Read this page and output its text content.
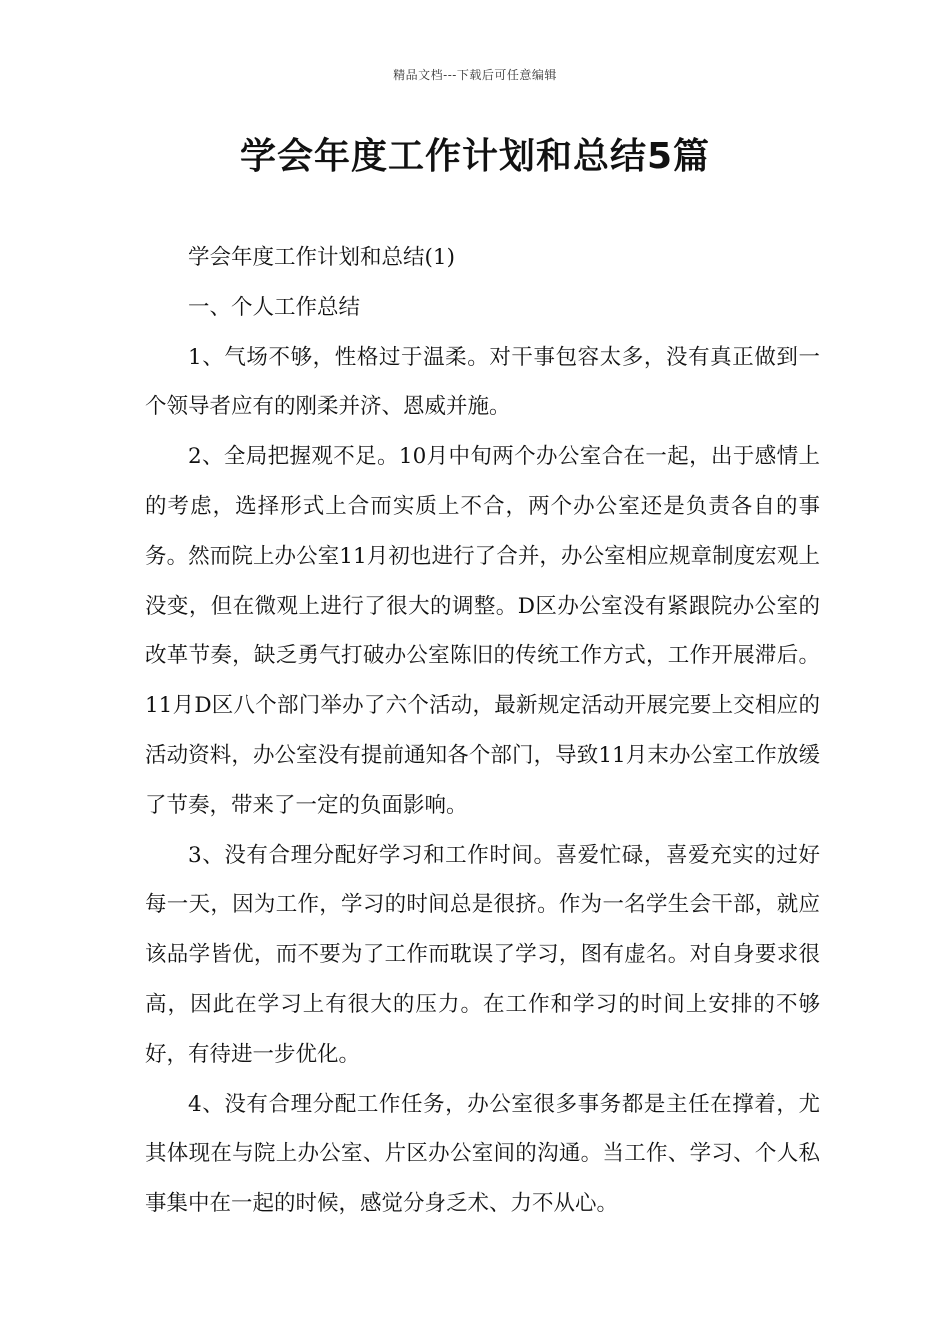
精品文档---下载后可任意编辑
学会年度工作计划和总结5篇

学会年度工作计划和总结(1)

一、个人工作总结

1、气场不够，性格过于温柔。对干事包容太多，没有真正做到一个领导者应有的刚柔并济、恩威并施。

2、全局把握观不足。10月中旬两个办公室合在一起，出于感情上的考虑，选择形式上合而实质上不合，两个办公室还是负责各自的事务。然而院上办公室11月初也进行了合并，办公室相应规章制度宏观上没变，但在微观上进行了很大的调整。D区办公室没有紧跟院办公室的改革节奏，缺乏勇气打破办公室陈旧的传统工作方式，工作开展滞后。11月D区八个部门举办了六个活动，最新规定活动开展完要上交相应的活动资料，办公室没有提前通知各个部门，导致11月末办公室工作放缓了节奏，带来了一定的负面影响。

3、没有合理分配好学习和工作时间。喜爱忙碌，喜爱充实的过好每一天，因为工作，学习的时间总是很挤。作为一名学生会干部，就应该品学皆优，而不要为了工作而耽误了学习，图有虚名。对自身要求很高，因此在学习上有很大的压力。在工作和学习的时间上安排的不够好，有待进一步优化。

4、没有合理分配工作任务，办公室很多事务都是主任在撑着，尤其体现在与院上办公室、片区办公室间的沟通。当工作、学习、个人私事集中在一起的时候，感觉分身乏术、力不从心。
